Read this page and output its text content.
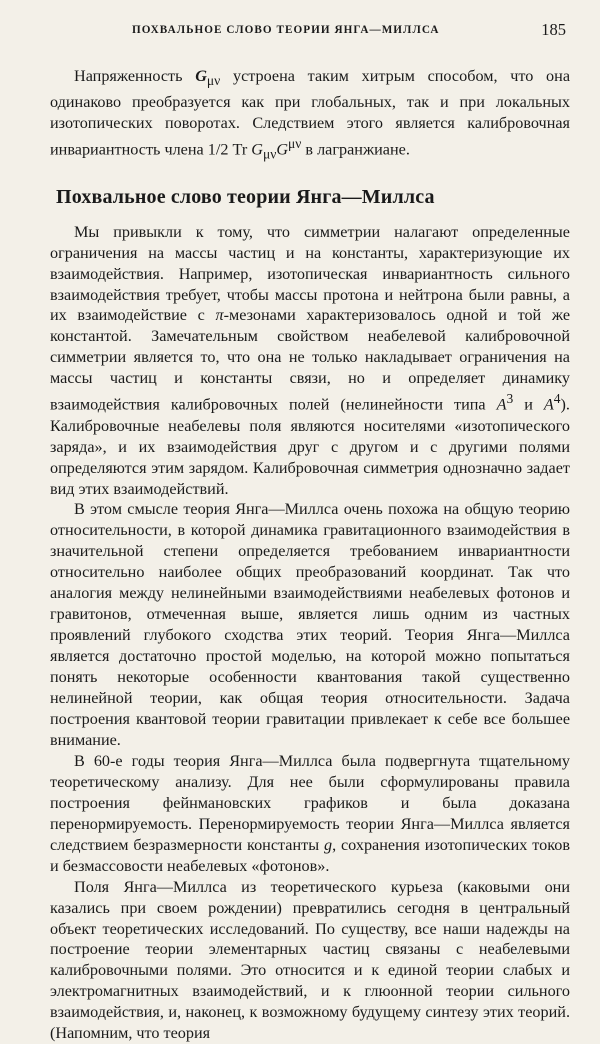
ПОХВАЛЬНОЕ СЛОВО ТЕОРИИ ЯНГА—МИЛЛСА	185

Напряженность $G_{\mu\nu}$ устроена таким хитрым способом, что она одинаково преобразуется как при глобальных, так и при локальных изотопических поворотах. Следствием этого является калибровочная инвариантность члена 1/2 Tr $G_{\mu\nu}G^{\mu\nu}$ в лагранжиане.

Похвальное слово теории Янга—Миллса

Мы привыкли к тому, что симметрии налагают определенные ограничения на массы частиц и на константы, характеризующие их взаимодействия. Например, изотопическая инвариантность сильного взаимодействия требует, чтобы массы протона и нейтрона были равны, а их взаимодействие с π-мезонами характеризовалось одной и той же константой. Замечательным свойством неабелевой калибровочной симметрии является то, что она не только накладывает ограничения на массы частиц и константы связи, но и определяет динамику взаимодействия калибровочных полей (нелинейности типа $A^3$ и $A^4$). Калибровочные неабелевы поля являются носителями «изотопического заряда», и их взаимодействия друг с другом и с другими полями определяются этим зарядом. Калибровочная симметрия однозначно задает вид этих взаимодействий.

В этом смысле теория Янга—Миллса очень похожа на общую теорию относительности, в которой динамика гравитационного взаимодействия в значительной степени определяется требованием инвариантности относительно наиболее общих преобразований координат. Так что аналогия между нелинейными взаимодействиями неабелевых фотонов и гравитонов, отмеченная выше, является лишь одним из частных проявлений глубокого сходства этих теорий. Теория Янга—Миллса является достаточно простой моделью, на которой можно попытаться понять некоторые особенности квантования такой существенно нелинейной теории, как общая теория относительности. Задача построения квантовой теории гравитации привлекает к себе все большее внимание.

В 60-е годы теория Янга—Миллса была подвергнута тщательному теоретическому анализу. Для нее были сформулированы правила построения фейнмановских графиков и была доказана перенормируемость. Перенормируемость теории Янга—Миллса является следствием безразмерности константы g, сохранения изотопических токов и безмассовости неабелевых «фотонов».

Поля Янга—Миллса из теоретического курьеза (каковыми они казались при своем рождении) превратились сегодня в центральный объект теоретических исследований. По существу, все наши надежды на построение теории элементарных частиц связаны с неабелевыми калибровочными полями. Это относится и к единой теории слабых и электромагнитных взаимодействий, и к глюонной теории сильного взаимодействия, и, наконец, к возможному будущему синтезу этих теорий. (Напомним, что теория
